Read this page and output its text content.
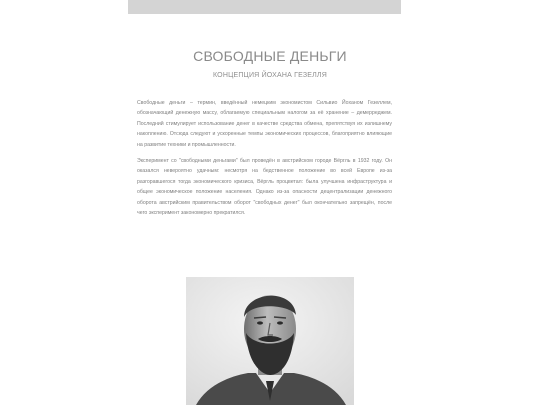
СВОБОДНЫЕ ДЕНЬГИ

КОНЦЕПЦИЯ ЙОХАНА ГЕЗЕЛЛЯ

Свободные деньги – термин, введённый немецким экономистом Сильвио Йоханом Гезеллем, обозначающий денежную массу, облагаемую специальным налогом за её хранение – демерреджем. Последний стимулирует использование денег в качестве средства обмена, препятствуя их излишнему накоплению. Отсюда следуют и ускоренные темпы экономических процессов, благоприятно влияющие на развитие техники и промышленности.

Эксперимент со "свободными деньгами" был проведён в австрийском городе Вёргль в 1932 году. Он оказался невероятно удачным: несмотря на бедственное положение во всей Европе из-за разгоравшегося тогда экономического кризиса, Вёргль процветал: была улучшена инфраструктура и общее экономическое положение населения. Однако из-за опасности децентрализации денежного оборота австрийским правительством оборот "свободных денег" был окончательно запрещён, после чего эксперимент закономерно прекратился.
